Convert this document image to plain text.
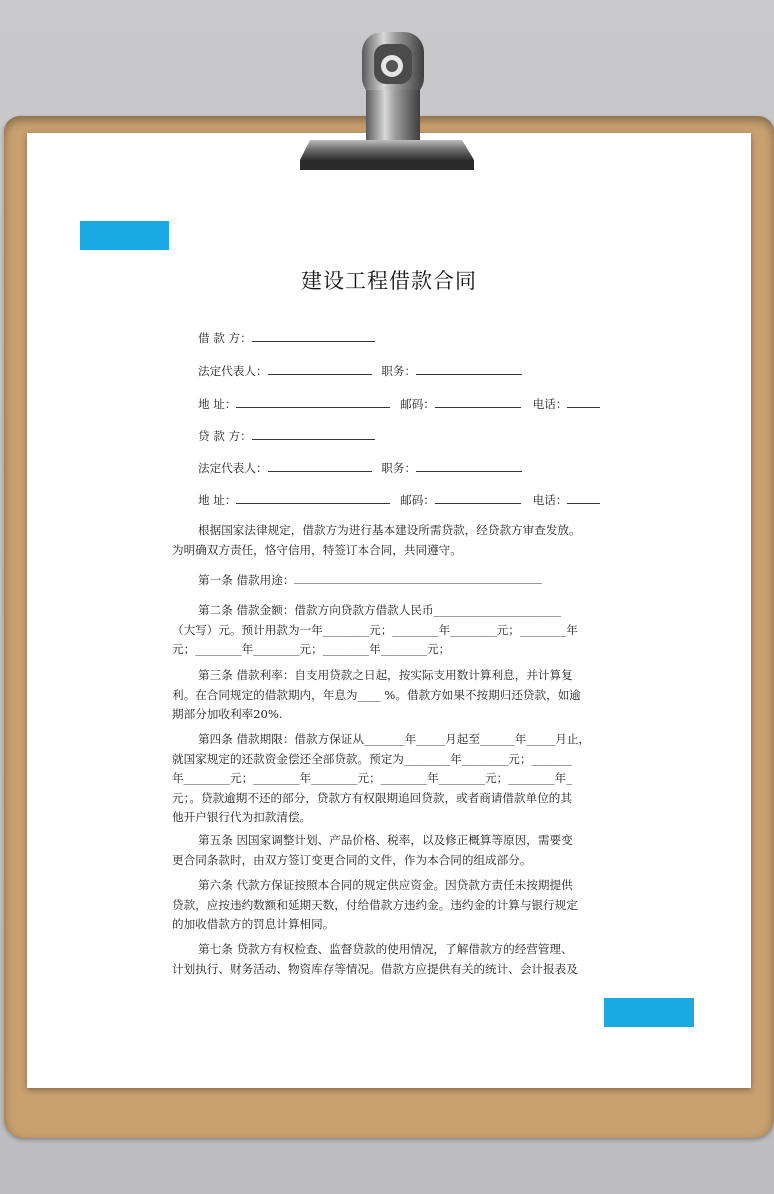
建设工程借款合同
借 款 方：
法定代表人：	职务：
地 址：	邮码：	电话：
贷 款 方：
法定代表人：	职务：
地 址：	邮码：	电话：

根据国家法律规定，借款方为进行基本建设所需贷款，经贷款方审查发放。

为明确双方责任，恪守信用，特签订本合同，共同遵守。

第一条 借款用途：

第二条 借款金额：借款方向贷款方借款人民币______________________

（大写）元。预计用款为一年________元；________年________元；________年

元；________年________元；________年________元；

第三条 借款利率：自支用贷款之日起，按实际支用数计算利息，并计算复

利。在合同规定的借款期内，年息为____ %。借款方如果不按期归还贷款，如逾

期部分加收利率20%.

第四条 借款期限：借款方保证从_______年_____月起至______年_____月止，

就国家规定的还款资金偿还全部贷款。预定为________年________元；_______

年________元；________年________元；________年________元；________年_

元；。贷款逾期不还的部分，贷款方有权限期追回贷款，或者商请借款单位的其

他开户银行代为扣款清偿。

第五条 因国家调整计划、产品价格、税率，以及修正概算等原因，需要变

更合同条款时，由双方签订变更合同的文件，作为本合同的组成部分。

第六条 代款方保证按照本合同的规定供应资金。因贷款方责任未按期提供

贷款，应按违约数额和延期天数，付给借款方违约金。违约金的计算与银行规定

的加收借款方的罚息计算相同。

第七条 贷款方有权检查、监督贷款的使用情况，了解借款方的经营管理、

计划执行、财务活动、物资库存等情况。借款方应提供有关的统计、会计报表及
